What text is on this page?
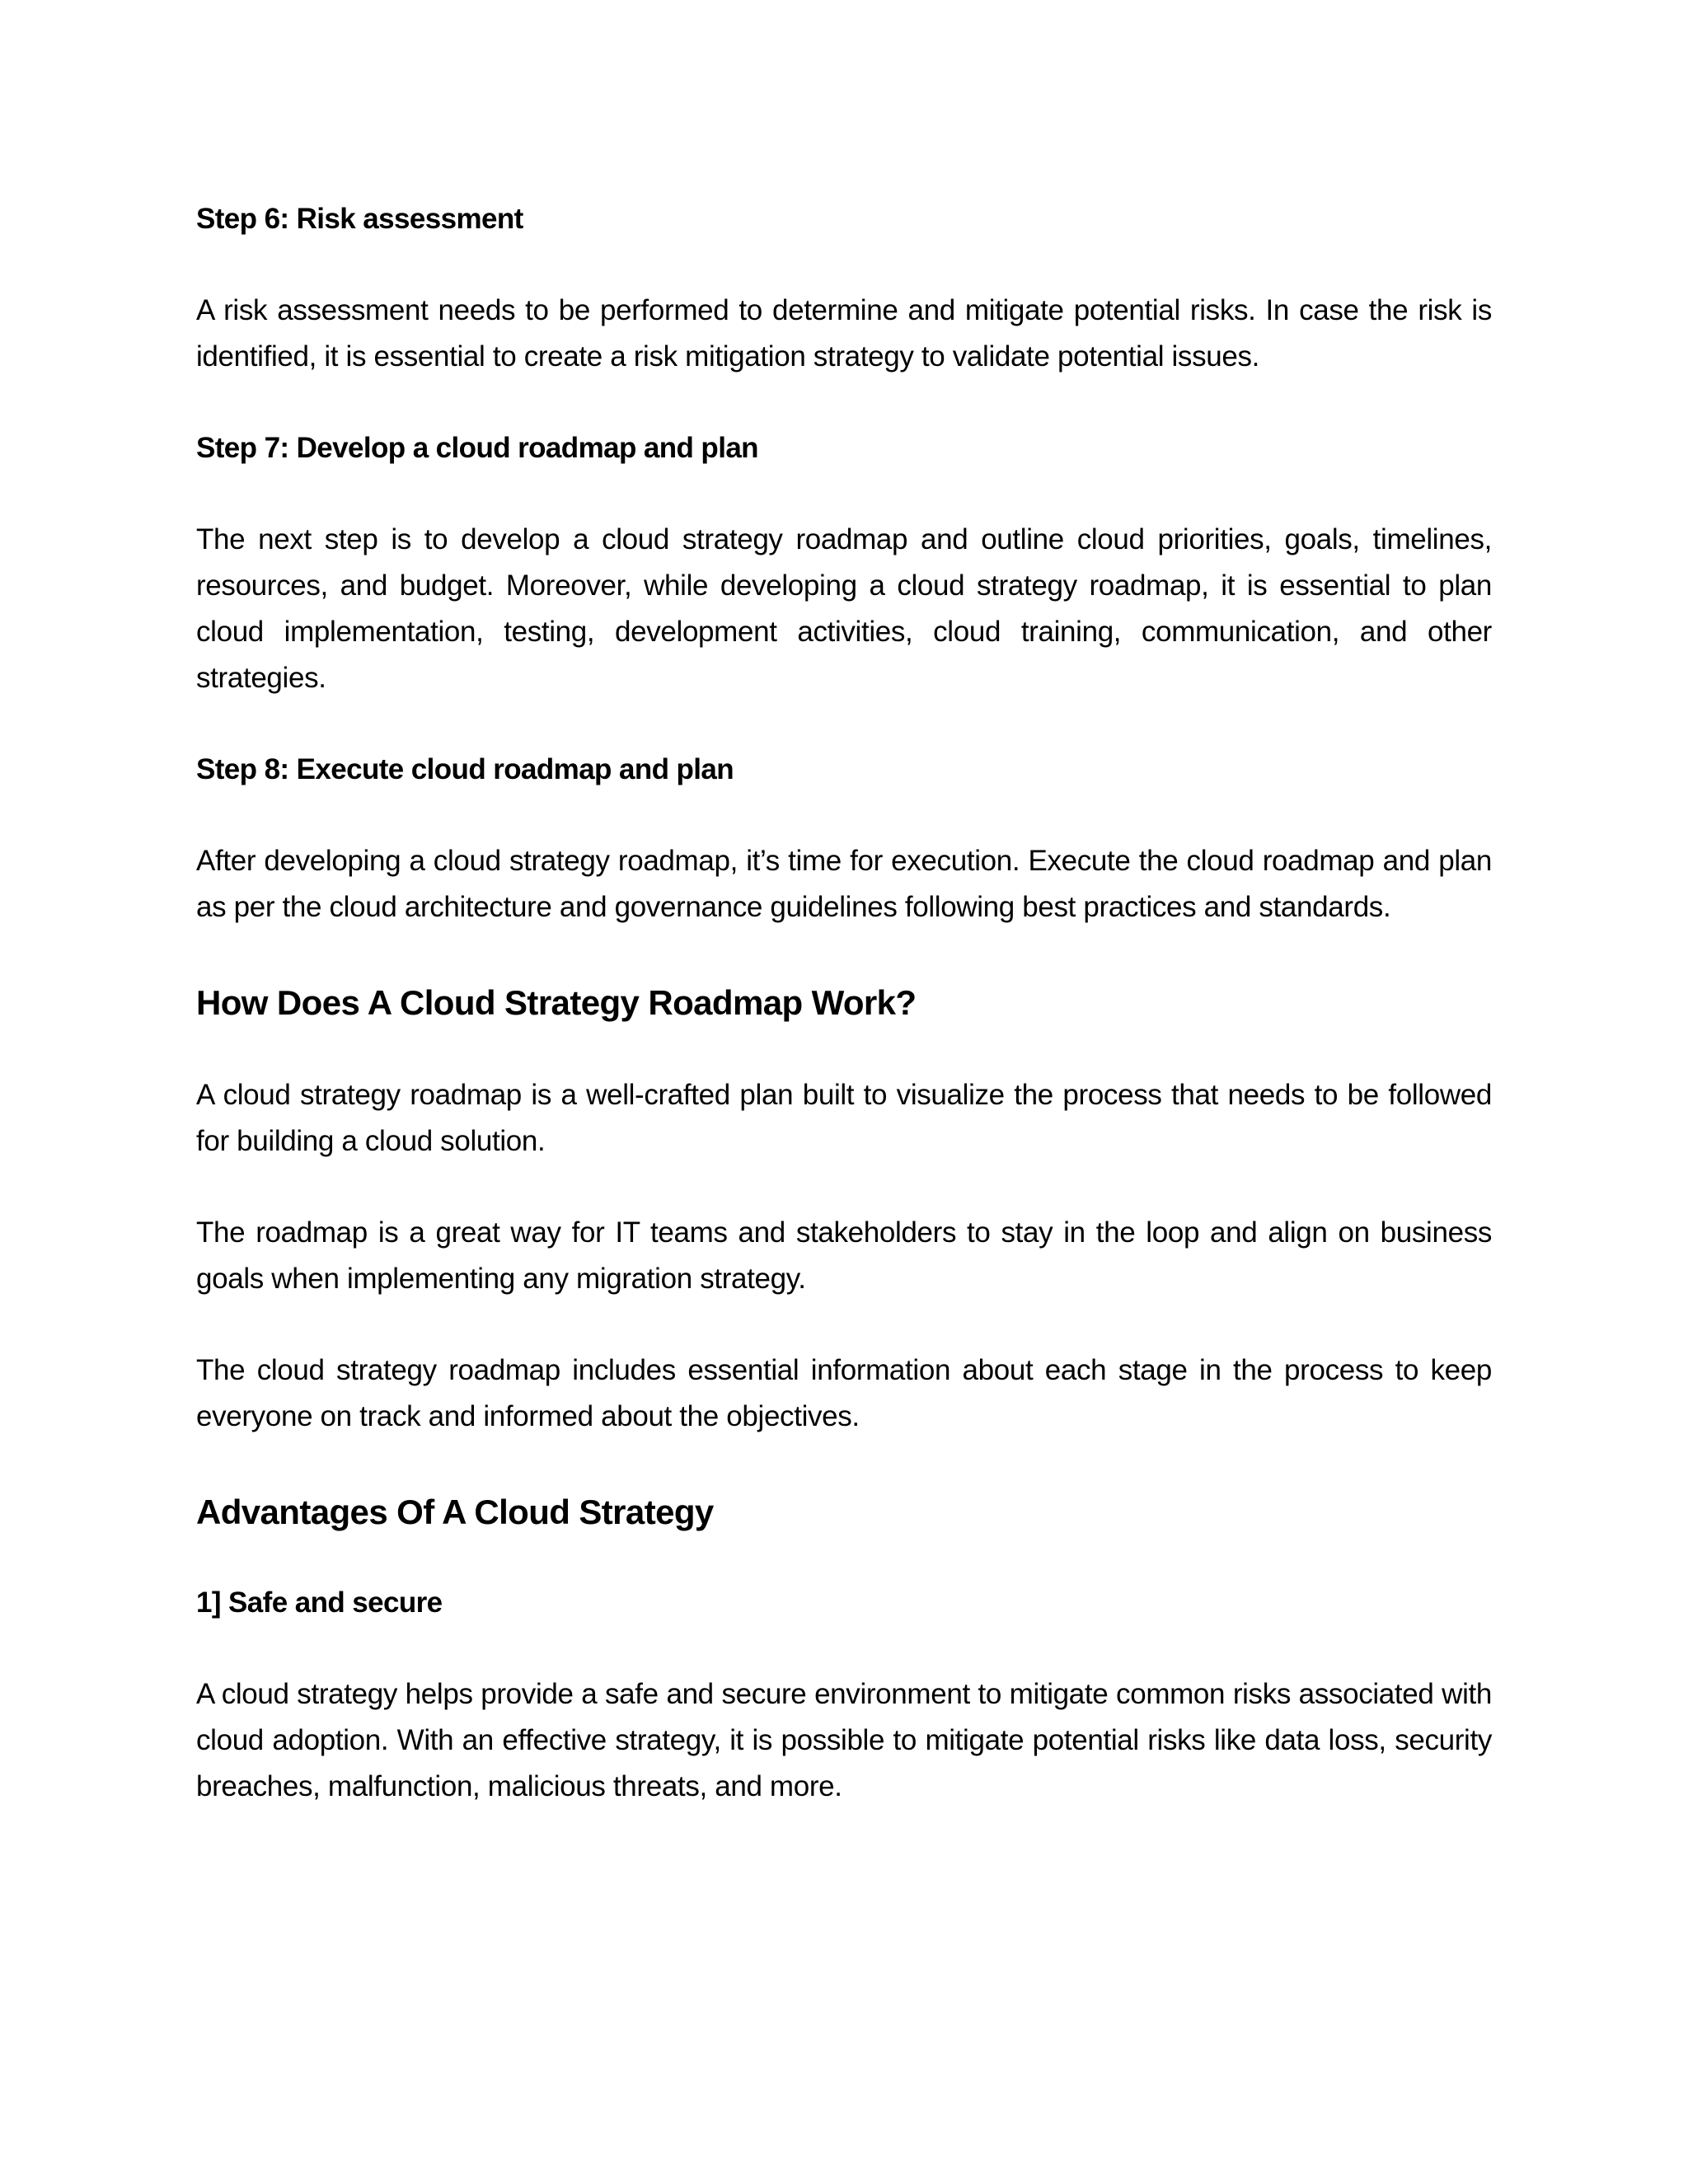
Step 6: Risk assessment

A risk assessment needs to be performed to determine and mitigate potential risks. In case the risk is identified, it is essential to create a risk mitigation strategy to validate potential issues.

Step 7: Develop a cloud roadmap and plan

The next step is to develop a cloud strategy roadmap and outline cloud priorities, goals, timelines, resources, and budget. Moreover, while developing a cloud strategy roadmap, it is essential to plan cloud implementation, testing, development activities, cloud training, communication, and other strategies.

Step 8: Execute cloud roadmap and plan

After developing a cloud strategy roadmap, it’s time for execution. Execute the cloud roadmap and plan as per the cloud architecture and governance guidelines following best practices and standards.

How Does A Cloud Strategy Roadmap Work?

A cloud strategy roadmap is a well-crafted plan built to visualize the process that needs to be followed for building a cloud solution.

The roadmap is a great way for IT teams and stakeholders to stay in the loop and align on business goals when implementing any migration strategy.

The cloud strategy roadmap includes essential information about each stage in the process to keep everyone on track and informed about the objectives.

Advantages Of A Cloud Strategy
1] Safe and secure

A cloud strategy helps provide a safe and secure environment to mitigate common risks associated with cloud adoption. With an effective strategy, it is possible to mitigate potential risks like data loss, security breaches, malfunction, malicious threats, and more.
